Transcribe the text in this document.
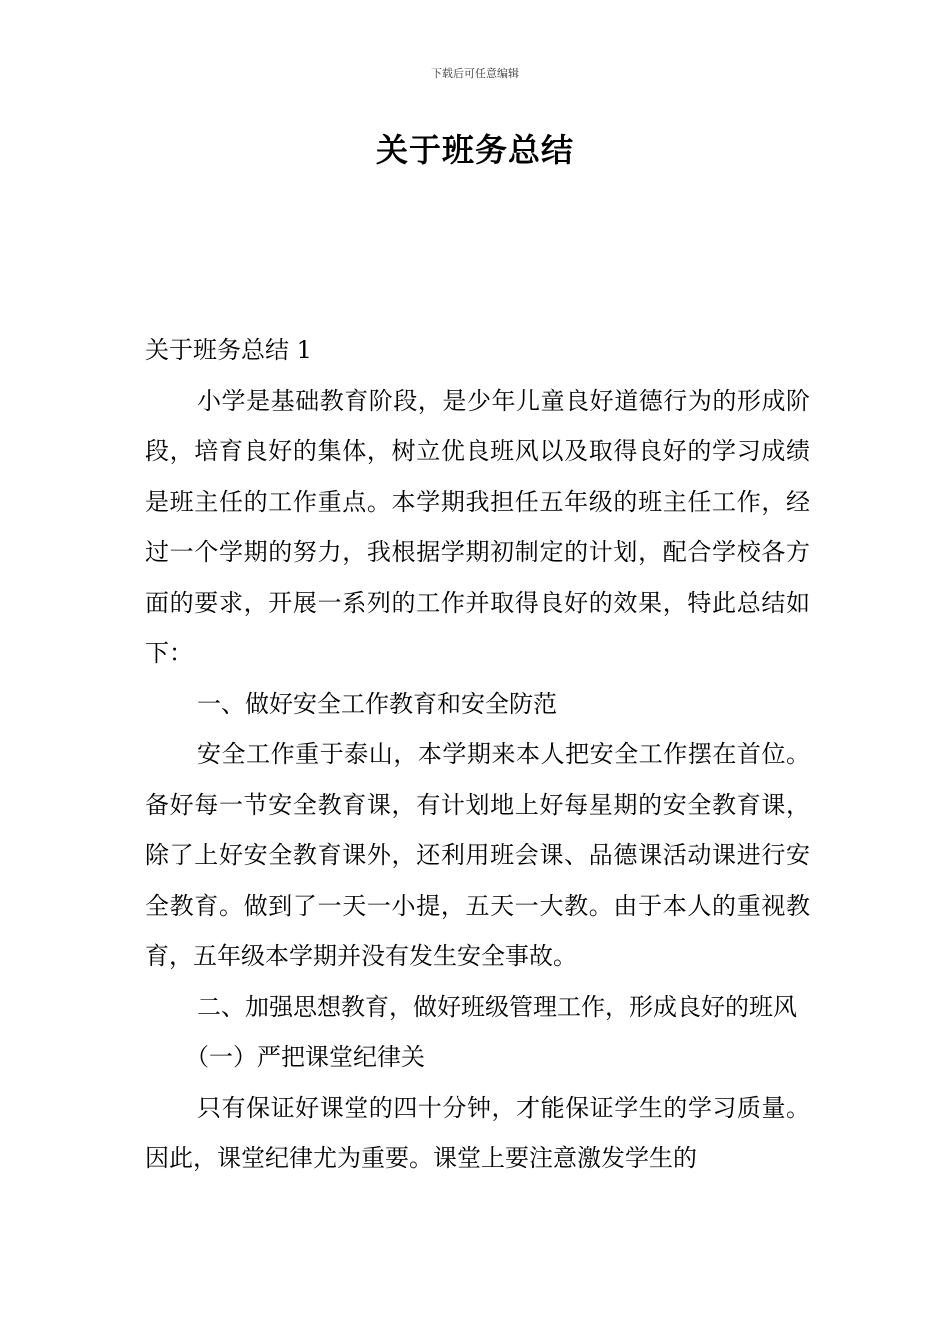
下载后可任意编辑
关于班务总结

关于班务总结 1

小学是基础教育阶段，是少年儿童良好道德行为的形成阶段，培育良好的集体，树立优良班风以及取得良好的学习成绩是班主任的工作重点。本学期我担任五年级的班主任工作，经过一个学期的努力，我根据学期初制定的计划，配合学校各方面的要求，开展一系列的工作并取得良好的效果，特此总结如下：

一、做好安全工作教育和安全防范

安全工作重于泰山，本学期来本人把安全工作摆在首位。备好每一节安全教育课，有计划地上好每星期的安全教育课，除了上好安全教育课外，还利用班会课、品德课活动课进行安全教育。做到了一天一小提，五天一大教。由于本人的重视教育，五年级本学期并没有发生安全事故。

二、加强思想教育，做好班级管理工作，形成良好的班风

（一）严把课堂纪律关

只有保证好课堂的四十分钟，才能保证学生的学习质量。因此，课堂纪律尤为重要。课堂上要注意激发学生的
